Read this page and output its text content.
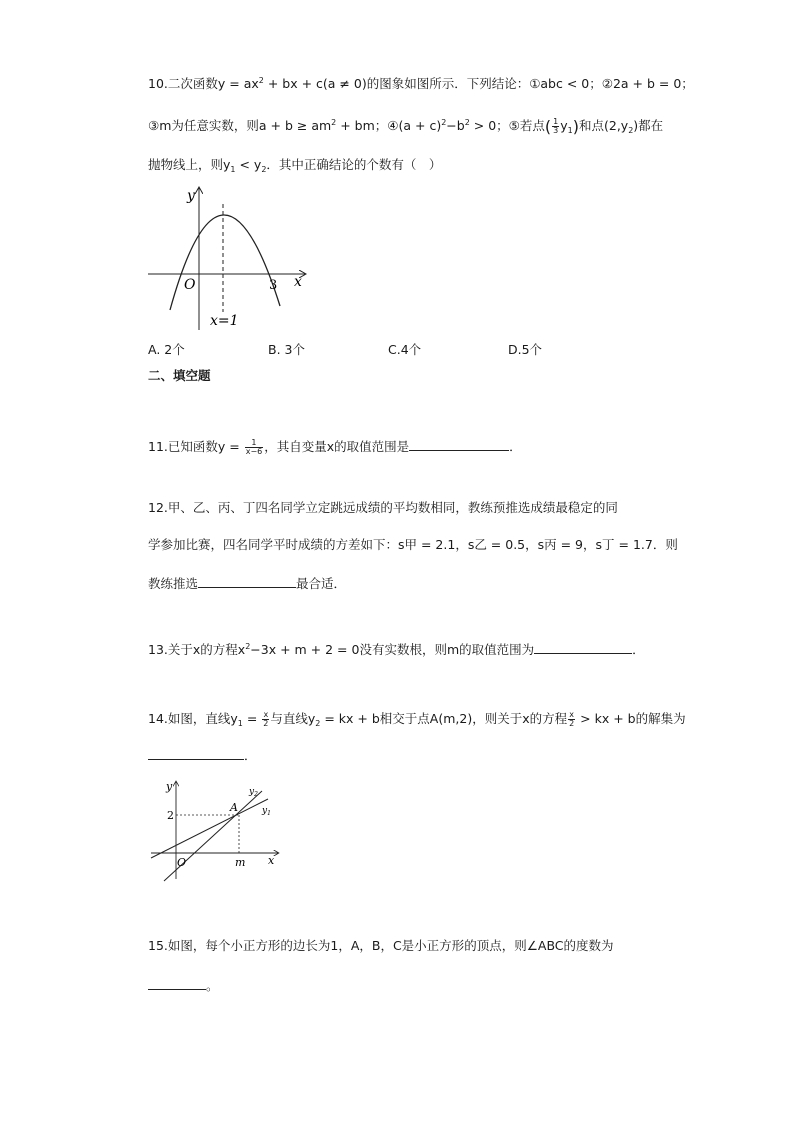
10.二次函数$y = ax^2$ + bx + c(a ≠ 0)的图象如图所示．下列结论：①abc < 0；②2a + b = 0；
③m为任意实数，则$a + b \ge am^2$ + bm；④(a + $c)^2-b^2 > 0$；⑤若点( $\frac{1}{3} y_1$)和点$(2,y_2)$都在
抛物线上，则$y_1 < y_2$．其中正确结论的个数有（　）
y
x
O	3
x=1
A. 2个	B. 3个	C.4个	D.5个
二、填空题
11.已知函数$y = \frac{1}{x-6}$ ，其自变量x的取值范围是	．
12.甲、乙、丙、丁四名同学立定跳远成绩的平均数相同，教练预推选成绩最稳定的同
学参加比赛，四名同学平时成绩的方差如下：s甲 = 2.1，s乙 = 0.5，s丙 = 9，s丁 = 1.7．则
教练推选	最合适．
13.关于x的方程$x^2-3x + m + 2 = 0$没有实数根，则m的取值范围为	．
14.如图，直线$y_1 = \frac{x}{2}$ 与直线$y_2$ = kx + b相交于点A(m,2)，则关于x的方程 $\frac{x}{2}$ > kx + b的解集为
．
y
x
O
2
m
A
$y_2$
$y_1$
15.如图，每个小正方形的边长为1，A，B，C是小正方形的顶点，则∠ABC的度数为
。
